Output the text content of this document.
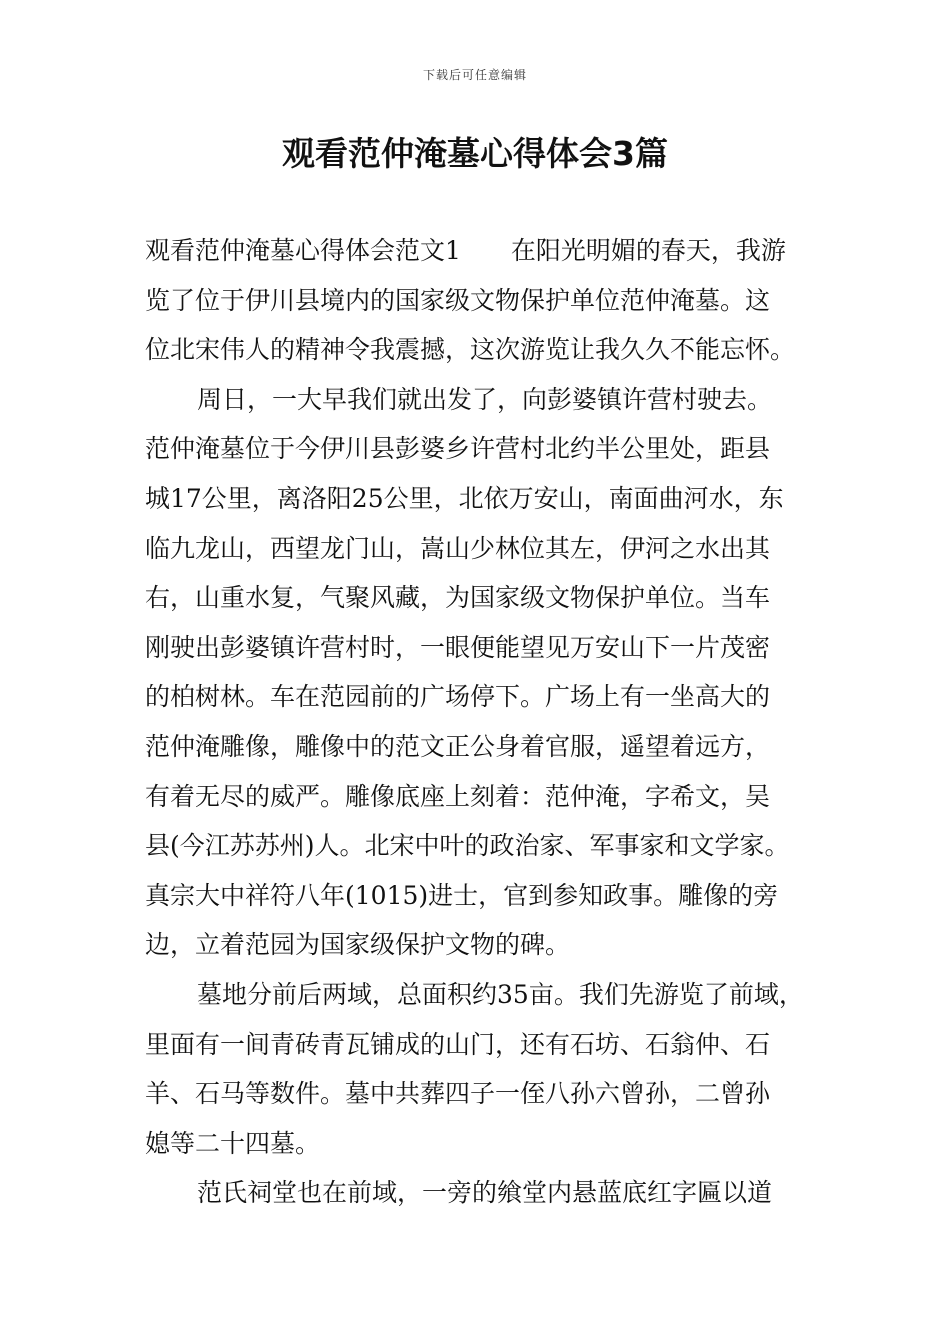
下载后可任意编辑
观看范仲淹墓心得体会3篇
观看范仲淹墓心得体会范文1 在阳光明媚的春天，我游
览了位于伊川县境内的国家级文物保护单位范仲淹墓。这
位北宋伟人的精神令我震撼，这次游览让我久久不能忘怀。
周日，一大早我们就出发了，向彭婆镇许营村驶去。
范仲淹墓位于今伊川县彭婆乡许营村北约半公里处，距县
城17公里，离洛阳25公里，北依万安山，南面曲河水，东
临九龙山，西望龙门山，嵩山少林位其左，伊河之水出其
右，山重水复，气聚风藏，为国家级文物保护单位。当车
刚驶出彭婆镇许营村时，一眼便能望见万安山下一片茂密
的柏树林。车在范园前的广场停下。广场上有一坐高大的
范仲淹雕像，雕像中的范文正公身着官服，遥望着远方，
有着无尽的威严。雕像底座上刻着：范仲淹，字希文，吴
县(今江苏苏州)人。北宋中叶的政治家、军事家和文学家。
真宗大中祥符八年(1015)进士，官到参知政事。雕像的旁
边，立着范园为国家级保护文物的碑。
墓地分前后两域，总面积约35亩。我们先游览了前域，
里面有一间青砖青瓦铺成的山门，还有石坊、石翁仲、石
羊、石马等数件。墓中共葬四子一侄八孙六曾孙，二曾孙
媳等二十四墓。
范氏祠堂也在前域，一旁的飨堂内悬蓝底红字匾以道
